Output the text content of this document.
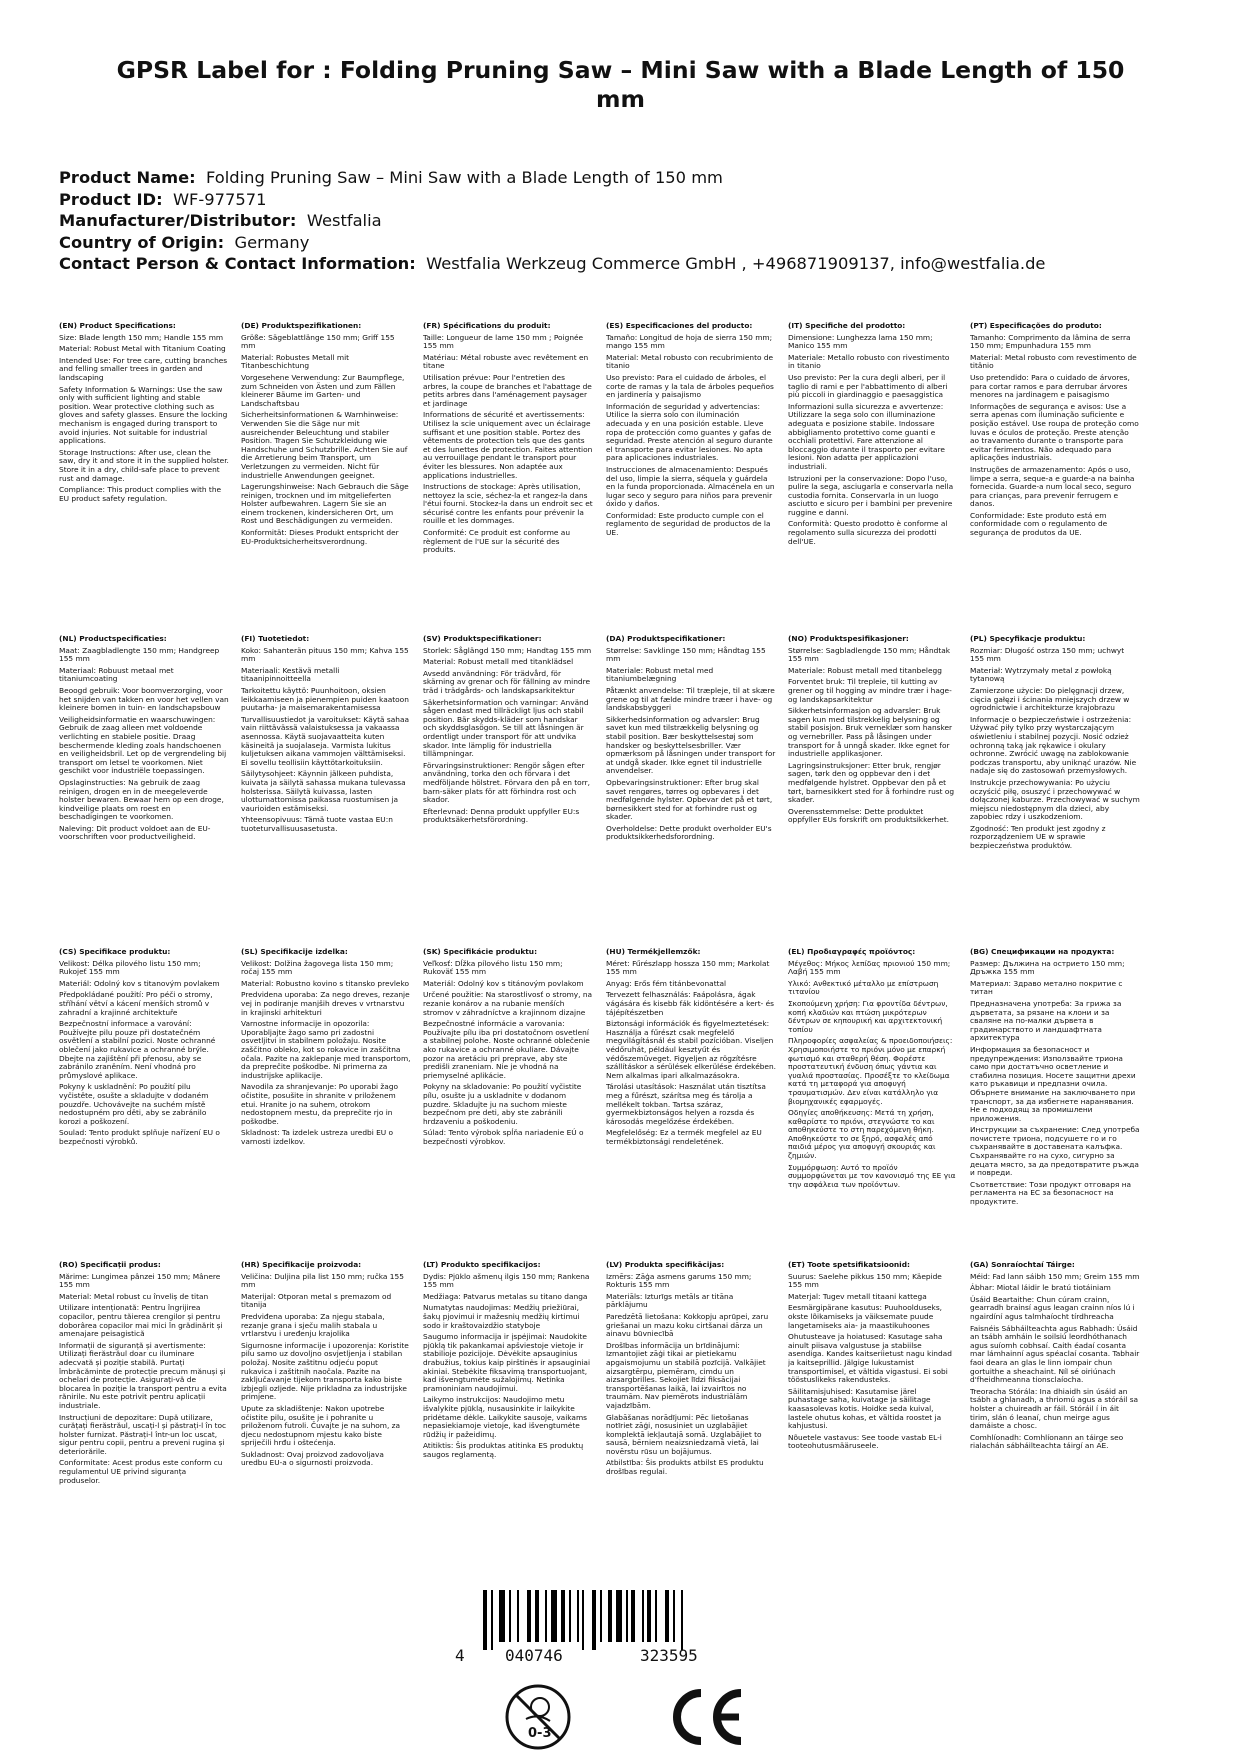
GPSR Label for : Folding Pruning Saw – Mini Saw with a Blade Length of 150 mm
Product Name: Folding Pruning Saw – Mini Saw with a Blade Length of 150 mm
Product ID: WF-977571
Manufacturer/Distributor: Westfalia
Country of Origin: Germany
Contact Person & Contact Information: Westfalia Werkzeug Commerce GmbH , +496871909137, info@westfalia.de

(EN) Product Specifications:

Size: Blade length 150 mm; Handle 155 mm

Material: Robust Metal with Titanium Coating

Intended Use: For tree care, cutting branches and felling smaller trees in garden and landscaping

Safety Information & Warnings: Use the saw only with sufficient lighting and stable position. Wear protective clothing such as gloves and safety glasses. Ensure the locking mechanism is engaged during transport to avoid injuries. Not suitable for industrial applications.

Storage Instructions: After use, clean the saw, dry it and store it in the supplied holster. Store it in a dry, child-safe place to prevent rust and damage.

Compliance: This product complies with the EU product safety regulation.

(DE) Produktspezifikationen:

Größe: Sägeblattlänge 150 mm; Griff 155 mm

Material: Robustes Metall mit Titanbeschichtung

Vorgesehene Verwendung: Zur Baumpflege, zum Schneiden von Ästen und zum Fällen kleinerer Bäume im Garten- und Landschaftsbau

Sicherheitsinformationen & Warnhinweise: Verwenden Sie die Säge nur mit ausreichender Beleuchtung und stabiler Position. Tragen Sie Schutzkleidung wie Handschuhe und Schutzbrille. Achten Sie auf die Arretierung beim Transport, um Verletzungen zu vermeiden. Nicht für industrielle Anwendungen geeignet.

Lagerungshinweise: Nach Gebrauch die Säge reinigen, trocknen und im mitgelieferten Holster aufbewahren. Lagern Sie sie an einem trockenen, kindersicheren Ort, um Rost und Beschädigungen zu vermeiden.

Konformität: Dieses Produkt entspricht der EU-Produktsicherheitsverordnung.

(FR) Spécifications du produit:

Taille: Longueur de lame 150 mm ; Poignée 155 mm

Matériau: Métal robuste avec revêtement en titane

Utilisation prévue: Pour l'entretien des arbres, la coupe de branches et l'abattage de petits arbres dans l'aménagement paysager et jardinage

Informations de sécurité et avertissements: Utilisez la scie uniquement avec un éclairage suffisant et une position stable. Portez des vêtements de protection tels que des gants et des lunettes de protection. Faites attention au verrouillage pendant le transport pour éviter les blessures. Non adaptée aux applications industrielles.

Instructions de stockage: Après utilisation, nettoyez la scie, séchez-la et rangez-la dans l'étui fourni. Stockez-la dans un endroit sec et sécurisé contre les enfants pour prévenir la rouille et les dommages.

Conformité: Ce produit est conforme au règlement de l'UE sur la sécurité des produits.

(ES) Especificaciones del producto:

Tamaño: Longitud de hoja de sierra 150 mm; mango 155 mm

Material: Metal robusto con recubrimiento de titanio

Uso previsto: Para el cuidado de árboles, el corte de ramas y la tala de árboles pequeños en jardinería y paisajismo

Información de seguridad y advertencias: Utilice la sierra solo con iluminación adecuada y en una posición estable. Lleve ropa de protección como guantes y gafas de seguridad. Preste atención al seguro durante el transporte para evitar lesiones. No apta para aplicaciones industriales.

Instrucciones de almacenamiento: Después del uso, limpie la sierra, séquela y guárdela en la funda proporcionada. Almacénela en un lugar seco y seguro para niños para prevenir óxido y daños.

Conformidad: Este producto cumple con el reglamento de seguridad de productos de la UE.

(IT) Specifiche del prodotto:

Dimensione: Lunghezza lama 150 mm; Manico 155 mm

Materiale: Metallo robusto con rivestimento in titanio

Uso previsto: Per la cura degli alberi, per il taglio di rami e per l'abbattimento di alberi più piccoli in giardinaggio e paesaggistica

Informazioni sulla sicurezza e avvertenze: Utilizzare la sega solo con illuminazione adeguata e posizione stabile. Indossare abbigliamento protettivo come guanti e occhiali protettivi. Fare attenzione al bloccaggio durante il trasporto per evitare lesioni. Non adatta per applicazioni industriali.

Istruzioni per la conservazione: Dopo l'uso, pulire la sega, asciugarla e conservarla nella custodia fornita. Conservarla in un luogo asciutto e sicuro per i bambini per prevenire ruggine e danni.

Conformità: Questo prodotto è conforme al regolamento sulla sicurezza dei prodotti dell'UE.

(PT) Especificações do produto:

Tamanho: Comprimento da lâmina de serra 150 mm; Empunhadura 155 mm

Material: Metal robusto com revestimento de titânio

Uso pretendido: Para o cuidado de árvores, para cortar ramos e para derrubar árvores menores na jardinagem e paisagismo

Informações de segurança e avisos: Use a serra apenas com iluminação suficiente e posição estável. Use roupa de proteção como luvas e óculos de proteção. Preste atenção ao travamento durante o transporte para evitar ferimentos. Não adequado para aplicações industriais.

Instruções de armazenamento: Após o uso, limpe a serra, seque-a e guarde-a na bainha fornecida. Guarde-a num local seco, seguro para crianças, para prevenir ferrugem e danos.

Conformidade: Este produto está em conformidade com o regulamento de segurança de produtos da UE.

(NL) Productspecificaties:

Maat: Zaagbladlengte 150 mm; Handgreep 155 mm

Materiaal: Robuust metaal met titaniumcoating

Beoogd gebruik: Voor boomverzorging, voor het snijden van takken en voor het vellen van kleinere bomen in tuin- en landschapsbouw

Veiligheidsinformatie en waarschuwingen: Gebruik de zaag alleen met voldoende verlichting en stabiele positie. Draag beschermende kleding zoals handschoenen en veiligheidsbril. Let op de vergrendeling bij transport om letsel te voorkomen. Niet geschikt voor industriële toepassingen.

Opslaginstructies: Na gebruik de zaag reinigen, drogen en in de meegeleverde holster bewaren. Bewaar hem op een droge, kindveilige plaats om roest en beschadigingen te voorkomen.

Naleving: Dit product voldoet aan de EU-voorschriften voor productveiligheid.

(FI) Tuotetiedot:

Koko: Sahanterän pituus 150 mm; Kahva 155 mm

Materiaali: Kestävä metalli titaanipinnoitteella

Tarkoitettu käyttö: Puunhoitoon, oksien leikkaamiseen ja pienempien puiden kaatoon puutarha- ja maisemarakentamisessa

Turvallisuustiedot ja varoitukset: Käytä sahaa vain riittävässä valaistuksessa ja vakaassa asennossa. Käytä suojavaatteita kuten käsineitä ja suojalaseja. Varmista lukitus kuljetuksen aikana vammojen välttämiseksi. Ei sovellu teollisiin käyttötarkoituksiin.

Säilytysohjeet: Käynnin jälkeen puhdista, kuivata ja säilytä sahassa mukana tulevassa holsterissa. Säilytä kuivassa, lasten ulottumattomissa paikassa ruostumisen ja vaurioiden estämiseksi.

Yhteensopivuus: Tämä tuote vastaa EU:n tuoteturvallisuusasetusta.

(SV) Produktspecifikationer:

Storlek: Såglängd 150 mm; Handtag 155 mm

Material: Robust metall med titanklädsel

Avsedd användning: För trädvård, för skärning av grenar och för fällning av mindre träd i trädgårds- och landskapsarkitektur

Säkerhetsinformation och varningar: Använd sågen endast med tillräckligt ljus och stabil position. Bär skydds-kläder som handskar och skyddsglasögon. Se till att låsningen är ordentligt under transport för att undvika skador. Inte lämplig för industriella tillämpningar.

Förvaringsinstruktioner: Rengör sågen efter användning, torka den och förvara i det medföljande hölstret. Förvara den på en torr, barn-säker plats för att förhindra rost och skador.

Efterlevnad: Denna produkt uppfyller EU:s produktsäkerhetsförordning.

(DA) Produktspecifikationer:

Størrelse: Savklinge 150 mm; Håndtag 155 mm

Materiale: Robust metal med titaniumbelægning

Påtænkt anvendelse: Til træpleje, til at skære grene og til at fælde mindre træer i have- og landskabsbyggeri

Sikkerhedsinformation og advarsler: Brug savet kun med tilstrækkelig belysning og stabil position. Bær beskyttelsestøj som handsker og beskyttelsesbriller. Vær opmærksom på låsningen under transport for at undgå skader. Ikke egnet til industrielle anvendelser.

Opbevaringsinstruktioner: Efter brug skal savet rengøres, tørres og opbevares i det medfølgende hylster. Opbevar det på et tørt, børnesikkert sted for at forhindre rust og skader.

Overholdelse: Dette produkt overholder EU's produktsikkerhedsforordning.

(NO) Produktspesifikasjoner:

Størrelse: Sagbladlengde 150 mm; Håndtak 155 mm

Materiale: Robust metall med titanbelegg

Forventet bruk: Til trepleie, til kutting av grener og til hogging av mindre trær i hage- og landskapsarkitektur

Sikkerhetsinformasjon og advarsler: Bruk sagen kun med tilstrekkelig belysning og stabil posisjon. Bruk verneklær som hansker og vernebriller. Pass på låsingen under transport for å unngå skader. Ikke egnet for industrielle applikasjoner.

Lagringsinstruksjoner: Etter bruk, rengjør sagen, tørk den og oppbevar den i det medfølgende hylstret. Oppbevar den på et tørt, barnesikkert sted for å forhindre rust og skader.

Overensstemmelse: Dette produktet oppfyller EUs forskrift om produktsikkerhet.

(PL) Specyfikacje produktu:

Rozmiar: Długość ostrza 150 mm; uchwyt 155 mm

Materiał: Wytrzymały metal z powłoką tytanową

Zamierzone użycie: Do pielęgnacji drzew, cięcia gałęzi i ścinania mniejszych drzew w ogrodnictwie i architekturze krajobrazu

Informacje o bezpieczeństwie i ostrzeżenia: Używać piły tylko przy wystarczającym oświetleniu i stabilnej pozycji. Nosić odzież ochronną taką jak rękawice i okulary ochronne. Zwrócić uwagę na zablokowanie podczas transportu, aby uniknąć urazów. Nie nadaje się do zastosowań przemysłowych.

Instrukcje przechowywania: Po użyciu oczyścić piłę, osuszyć i przechowywać w dołączonej kaburze. Przechowywać w suchym miejscu niedostępnym dla dzieci, aby zapobiec rdzy i uszkodzeniom.

Zgodność: Ten produkt jest zgodny z rozporządzeniem UE w sprawie bezpieczeństwa produktów.

(CS) Specifikace produktu:

Velikost: Délka pilového listu 150 mm; Rukojeť 155 mm

Materiál: Odolný kov s titanovým povlakem

Předpokládané použití: Pro péči o stromy, stříhání větví a kácení menších stromů v zahradní a krajinné architektuře

Bezpečnostní informace a varování: Používejte pilu pouze při dostatečném osvětlení a stabilní pozici. Noste ochranné oblečení jako rukavice a ochranné brýle. Dbejte na zajištění při přenosu, aby se zabránilo zraněním. Není vhodná pro průmyslové aplikace.

Pokyny k uskladnění: Po použití pilu vyčistěte, osušte a skladujte v dodaném pouzdře. Uchovávejte na suchém místě nedostupném pro děti, aby se zabránilo korozi a poškození.

Soulad: Tento produkt splňuje nařízení EU o bezpečnosti výrobků.

(SL) Specifikacije izdelka:

Velikost: Dolžina žagovega lista 150 mm; ročaj 155 mm

Material: Robustno kovino s titansko prevleko

Predvidena uporaba: Za nego dreves, rezanje vej in podiranje manjših dreves v vrtnarstvu in krajinski arhitekturi

Varnostne informacije in opozorila: Uporabljajte žago samo pri zadostni osvetljitvi in stabilnem položaju. Nosite zaščitno obleko, kot so rokavice in zaščitna očala. Pazite na zaklepanje med transportom, da preprečite poškodbe. Ni primerna za industrijske aplikacije.

Navodila za shranjevanje: Po uporabi žago očistite, posušite in shranite v priloženem etui. Hranite jo na suhem, otrokom nedostopnem mestu, da preprečite rjo in poškodbe.

Skladnost: Ta izdelek ustreza uredbi EU o varnosti izdelkov.

(SK) Špecifikácie produktu:

Veľkosť: Dĺžka pílového listu 150 mm; Rukoväť 155 mm

Materiál: Odolný kov s titánovým povlakom

Určené použitie: Na starostlivosť o stromy, na rezanie konárov a na rubanie menších stromov v záhradníctve a krajinnom dizajne

Bezpečnostné informácie a varovania: Používajte pílu iba pri dostatočnom osvetlení a stabilnej polohe. Noste ochranné oblečenie ako rukavice a ochranné okuliare. Dávajte pozor na aretáciu pri preprave, aby ste predišli zraneniam. Nie je vhodná na priemyselné aplikácie.

Pokyny na skladovanie: Po použití vyčistite pílu, osušte ju a uskladnite v dodanom puzdre. Skladujte ju na suchom mieste bezpečnom pre deti, aby ste zabránili hrdzaveniu a poškodeniu.

Súlad: Tento výrobok spĺňa nariadenie EÚ o bezpečnosti výrobkov.

(HU) Termékjellemzők:

Méret: Fűrészlapp hossza 150 mm; Markolat 155 mm

Anyag: Erős fém titánbevonattal

Tervezett felhasználás: Faápolásra, ágak vágására és kisebb fák kidöntésére a kert- és tájépítészetben

Biztonsági információk és figyelmeztetések: Használja a fűrészt csak megfelelő megvilágításnál és stabil pozícióban. Viseljen védőruhát, például kesztyűt és védőszemüveget. Figyeljen az rögzítésre szállításkor a sérülések elkerülése érdekében. Nem alkalmas ipari alkalmazásokra.

Tárolási utasítások: Használat után tisztítsa meg a fűrészt, szárítsa meg és tárolja a mellékelt tokban. Tartsa száraz, gyermekbiztonságos helyen a rozsda és károsodás megelőzése érdekében.

Megfelelőség: Ez a termék megfelel az EU termékbiztonsági rendeletének.

(EL) Προδιαγραφές προϊόντος:

Μέγεθος: Μήκος λεπίδας πριονιού 150 mm; Λαβή 155 mm

Υλικό: Ανθεκτικό μέταλλο με επίστρωση τιτανίου

Σκοπούμενη χρήση: Για φροντίδα δέντρων, κοπή κλαδιών και πτώση μικρότερων δέντρων σε κηπουρική και αρχιτεκτονική τοπίου

Πληροφορίες ασφαλείας & προειδοποιήσεις: Χρησιμοποιήστε το πριόνι μόνο με επαρκή φωτισμό και σταθερή θέση. Φορέστε προστατευτική ένδυση όπως γάντια και γυαλιά προστασίας. Προσέξτε το κλείδωμα κατά τη μεταφορά για αποφυγή τραυματισμών. Δεν είναι κατάλληλο για βιομηχανικές εφαρμογές.

Οδηγίες αποθήκευσης: Μετά τη χρήση, καθαρίστε το πριόνι, στεγνώστε το και αποθηκεύστε το στη παρεχόμενη θήκη. Αποθηκεύστε το σε ξηρό, ασφαλές από παιδιά μέρος για αποφυγή σκουριάς και ζημιών.

Συμμόρφωση: Αυτό το προϊόν συμμορφώνεται με τον κανονισμό της ΕΕ για την ασφάλεια των προϊόντων.

(BG) Спецификации на продукта:

Размер: Дължина на острието 150 mm; Дръжка 155 mm

Материал: Здраво метално покритие с титан

Предназначена употреба: За грижа за дърветата, за рязане на клони и за сваляне на по-малки дървета в градинарството и ландшафтната архитектура

Информация за безопасност и предупреждения: Използвайте трионa само при достатъчно осветление и стабилна позиция. Носете защитни дрехи като ръкавици и предпазни очила. Обърнете внимание на заключването при транспорт, за да избегнете наранявания. Не е подходящ за промишлени приложения.

Инструкции за съхранение: След употреба почистете триона, подсушете го и го съхранявайте в доставената калъфка. Съхранявайте го на сухо, сигурно за децата място, за да предотвратите ръжда и повреди.

Съответствие: Този продукт отговаря на регламента на ЕС за безопасност на продуктите.

(RO) Specificații produs:

Mărime: Lungimea pânzei 150 mm; Mânere 155 mm

Material: Metal robust cu înveliș de titan

Utilizare intenționată: Pentru îngrijirea copacilor, pentru tăierea crengilor și pentru doborârea copacilor mai mici în grădinărit și amenajare peisagistică

Informații de siguranță și avertismente: Utilizați fierăstrăul doar cu iluminare adecvată și poziție stabilă. Purtați îmbrăcăminte de protecție precum mănuși și ochelari de protecție. Asigurați-vă de blocarea în poziție la transport pentru a evita rănirile. Nu este potrivit pentru aplicații industriale.

Instrucțiuni de depozitare: După utilizare, curățați fierăstrăul, uscați-l și păstrați-l în toc holster furnizat. Păstrați-l într-un loc uscat, sigur pentru copii, pentru a preveni rugina și deteriorările.

Conformitate: Acest produs este conform cu regulamentul UE privind siguranța produselor.

(HR) Specifikacije proizvoda:

Veličina: Duljina pila list 150 mm; ručka 155 mm

Materijal: Otporan metal s premazom od titanija

Predviđena uporaba: Za njegu stabala, rezanje grana i sječu malih stabala u vrtlarstvu i uređenju krajolika

Sigurnosne informacije i upozorenja: Koristite pilu samo uz dovoljno osvjetljenja i stabilan položaj. Nosite zaštitnu odjeću poput rukavica i zaštitnih naočala. Pazite na zaključavanje tijekom transporta kako biste izbjegli ozljede. Nije prikladna za industrijske primjene.

Upute za skladištenje: Nakon upotrebe očistite pilu, osušite je i pohranite u priloženom futroli. Čuvajte je na suhom, za djecu nedostupnom mjestu kako biste spriječili hrđu i oštećenja.

Sukladnost: Ovaj proizvod zadovoljava uredbu EU-a o sigurnosti proizvoda.

(LT) Produkto specifikacijos:

Dydis: Pjūklo ašmenų ilgis 150 mm; Rankena 155 mm

Medžiaga: Patvarus metalas su titano danga

Numatytas naudojimas: Medžių priežiūrai, šakų pjovimui ir mažesnių medžių kirtimui sodo ir kraštovaizdžio statyboje

Saugumo informacija ir įspėjimai: Naudokite pjūklą tik pakankamai apšviestoje vietoje ir stabilioje pozicijoje. Dėvėkite apsauginius drabužius, tokius kaip pirštinės ir apsauginiai akiniai. Stebėkite fiksavimą transportuojant, kad išvengtumėte sužalojimų. Netinka pramoniniam naudojimui.

Laikymo instrukcijos: Naudojimo metu išvalykite pjūklą, nusausinkite ir laikykite pridėtame dėkle. Laikykite sausoje, vaikams nepasiekiamoje vietoje, kad išvengtumėte rūdžių ir pažeidimų.

Atitiktis: Šis produktas atitinka ES produktų saugos reglamentą.

(LV) Produkta specifikācijas:

Izmērs: Zāģa asmens garums 150 mm; Rokturis 155 mm

Materiāls: Izturīgs metāls ar titāna pārklājumu

Paredzētā lietošana: Kokkopju aprūpei, zaru griešanai un mazu koku cirtšanai dārza un ainavu būvniecībā

Drošības informācija un brīdinājumi: Izmantojiet zāģi tikai ar pietiekamu apgaismojumu un stabilā pozīcijā. Valkājiet aizsargtērpu, piemēram, cimdu un aizsargbrilles. Sekojiet līdzi fiksācijai transportēšanas laikā, lai izvairītos no traumām. Nav piemērots industriālām vajadzībām.

Glabāšanas norādījumi: Pēc lietošanas notīriet zāģi, nosusiniet un uzglabājiet komplektā iekļautajā somā. Uzglabājiet to sausā, bērniem neaizsniedzamā vietā, lai novērstu rūsu un bojājumus.

Atbilstība: Šis produkts atbilst ES produktu drošības regulai.

(ET) Toote spetsifikatsioonid:

Suurus: Saelehe pikkus 150 mm; Käepide 155 mm

Materjal: Tugev metall titaani kattega

Eesmärgipärane kasutus: Puuhoolduseks, okste lõikamiseks ja väiksemate puude langetamiseks aia- ja maastikuhoones

Ohutusteave ja hoiatused: Kasutage saha ainult piisava valgustuse ja stabiilse asendiga. Kandes kaitseriietust nagu kindad ja kaitseprillid. Jälgige lukustamist transportimisel, et vältida vigastusi. Ei sobi tööstuslikeks rakendusteks.

Säilitamisjuhised: Kasutamise järel puhastage saha, kuivatage ja säilitage kaasasolevas kotis. Hoidke seda kuival, lastele ohutus kohas, et vältida roostet ja kahjustusi.

Nõuetele vastavus: See toode vastab EL-i tooteohutusmääruseele.

(GA) Sonraíochtaí Táirge:

Méid: Fad lann sáibh 150 mm; Greim 155 mm

Ábhar: Miotal láidir le bratú tiotáiniam

Úsáid Beartaithe: Chun cúram crainn, gearradh brainsí agus leagan crainn níos lú i ngairdíní agus talmhaíocht tírdhreacha

Faisnéis Sábháilteachta agus Rabhadh: Úsáid an tsábh amháin le soilsiú leordhóthanach agus suíomh cobhsaí. Caith éadaí cosanta mar lámhainní agus spéaclaí cosanta. Tabhair faoi deara an glas le linn iompair chun gortuithe a sheachaint. Níl sé oiriúnach d'fheidhmeanna tionsclaíocha.

Treoracha Stórála: Ina dhiaidh sin úsáid an tsábh a ghlanadh, a thriomú agus a stóráil sa holster a chuireadh ar fáil. Stóráil í in áit tirim, slán ó leanaí, chun meirge agus damáiste a chosc.

Comhlíonadh: Comhlíonann an táirge seo rialachán sábháilteachta táirgí an AE.

4	040746	323595
0-3
